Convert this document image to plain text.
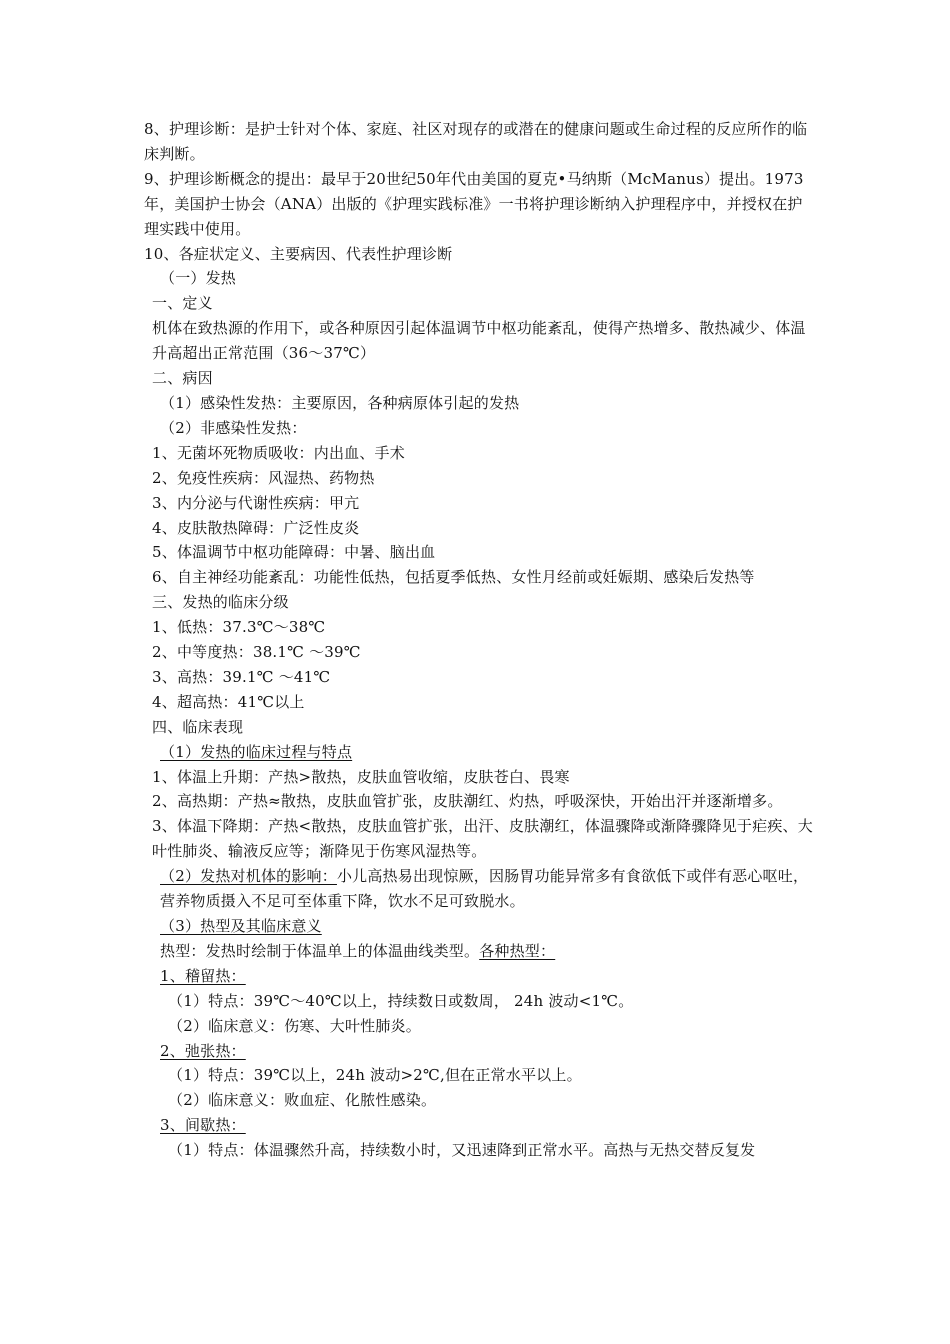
8、护理诊断：是护士针对个体、家庭、社区对现存的或潜在的健康问题或生命过程的反应所作的临床判断。

9、护理诊断概念的提出：最早于20世纪50年代由美国的夏克•马纳斯（McManus）提出。1973年，美国护士协会（ANA）出版的《护理实践标准》一书将护理诊断纳入护理程序中，并授权在护理实践中使用。

10、各症状定义、主要病因、代表性护理诊断

（一）发热

一、定义

机体在致热源的作用下，或各种原因引起体温调节中枢功能紊乱，使得产热增多、散热减少、体温升高超出正常范围（36～37℃）

二、病因

（1）感染性发热：主要原因，各种病原体引起的发热

（2）非感染性发热：

1、无菌坏死物质吸收：内出血、手术

2、免疫性疾病：风湿热、药物热

3、内分泌与代谢性疾病：甲亢

4、皮肤散热障碍：广泛性皮炎

5、体温调节中枢功能障碍：中暑、脑出血

6、自主神经功能紊乱：功能性低热，包括夏季低热、女性月经前或妊娠期、感染后发热等

三、发热的临床分级

1、低热：37.3℃～38℃

2、中等度热：38.1℃ ～39℃

3、高热：39.1℃ ～41℃

4、超高热：41℃以上

四、临床表现

（1）发热的临床过程与特点

1、体温上升期：产热>散热，皮肤血管收缩，皮肤苍白、畏寒

2、高热期：产热≈散热，皮肤血管扩张，皮肤潮红、灼热，呼吸深快，开始出汗并逐渐增多。

3、体温下降期：产热<散热，皮肤血管扩张，出汗、皮肤潮红，体温骤降或渐降骤降见于疟疾、大叶性肺炎、输液反应等；渐降见于伤寒风湿热等。

（2）发热对机体的影响：小儿高热易出现惊厥，因肠胃功能异常多有食欲低下或伴有恶心呕吐，营养物质摄入不足可至体重下降，饮水不足可致脱水。

（3）热型及其临床意义

热型：发热时绘制于体温单上的体温曲线类型。各种热型：

1、稽留热：

（1）特点：39℃～40℃以上，持续数日或数周， 24h 波动<1℃。

（2）临床意义：伤寒、大叶性肺炎。

2、弛张热：

（1）特点：39℃以上，24h 波动>2℃,但在正常水平以上。

（2）临床意义：败血症、化脓性感染。

3、间歇热：

（1）特点：体温骤然升高，持续数小时，又迅速降到正常水平。高热与无热交替反复发
